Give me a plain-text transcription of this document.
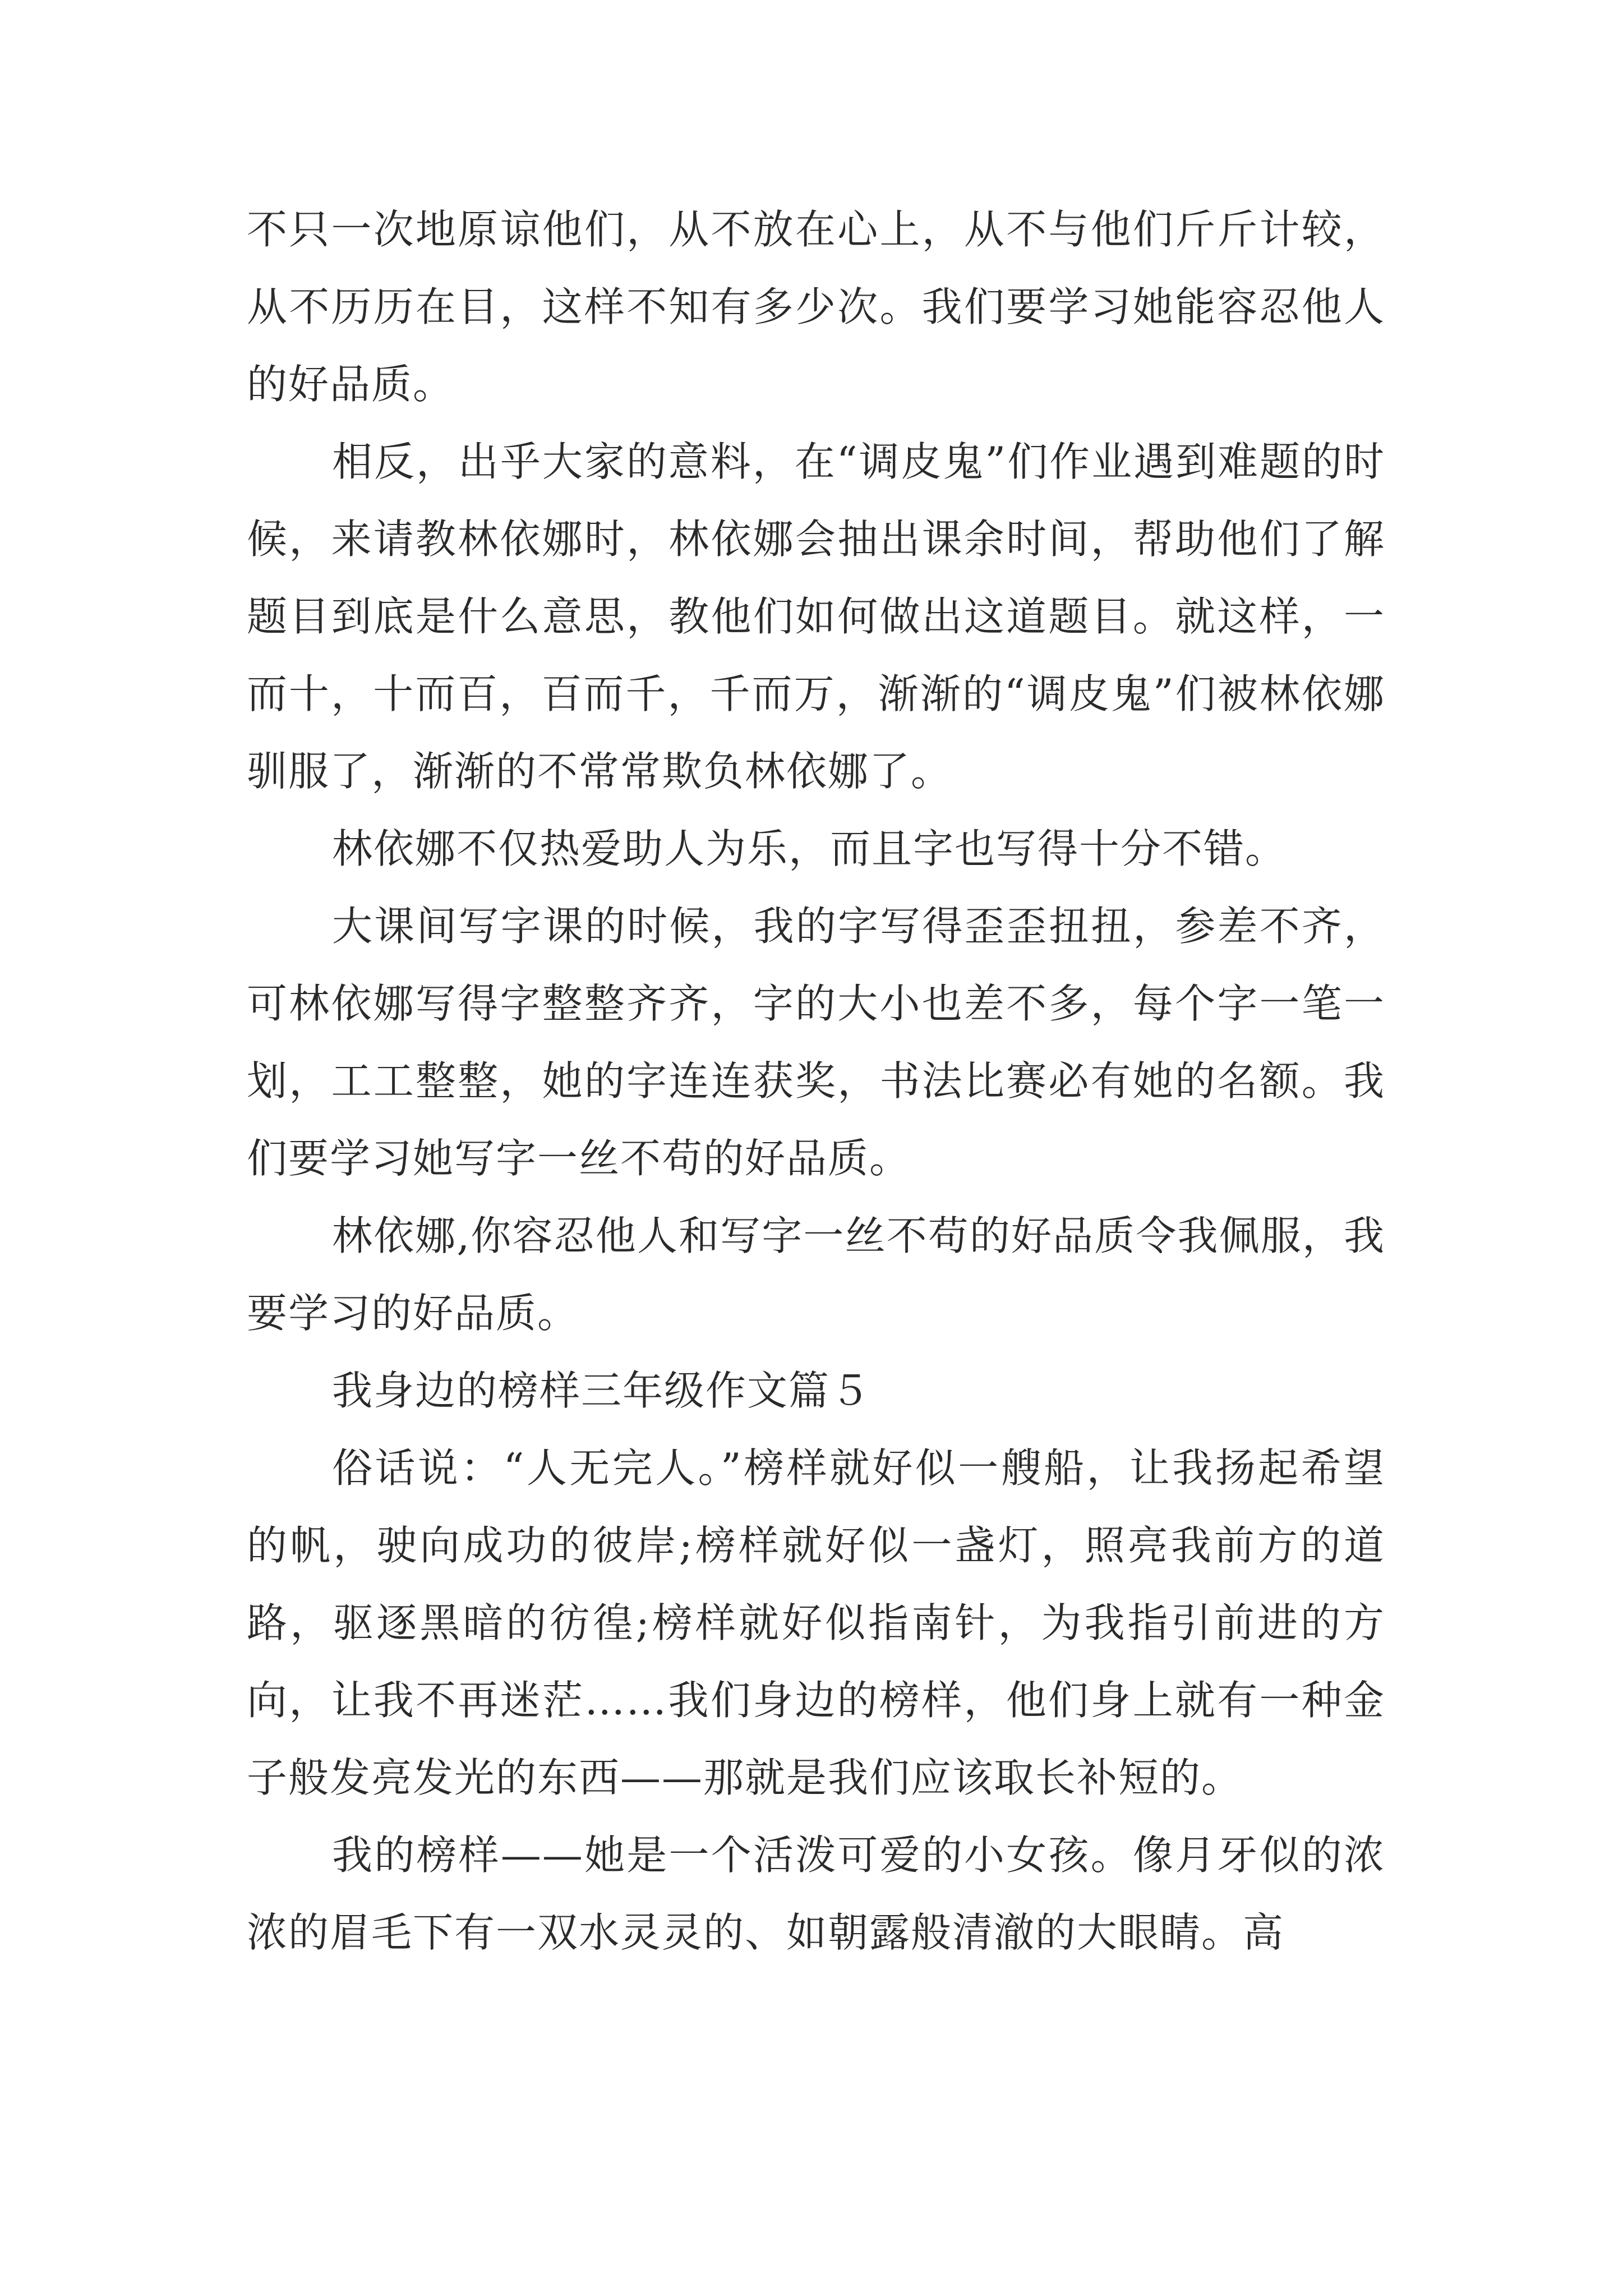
不只一次地原谅他们，从不放在心上，从不与他们斤斤计较，从不历历在目，这样不知有多少次。我们要学习她能容忍他人的好品质。

相反，出乎大家的意料，在“调皮鬼”们作业遇到难题的时候，来请教林依娜时，林依娜会抽出课余时间，帮助他们了解题目到底是什么意思，教他们如何做出这道题目。就这样，一而十，十而百，百而千，千而万，渐渐的“调皮鬼”们被林依娜驯服了，渐渐的不常常欺负林依娜了。

林依娜不仅热爱助人为乐，而且字也写得十分不错。

大课间写字课的时候，我的字写得歪歪扭扭，参差不齐，可林依娜写得字整整齐齐，字的大小也差不多，每个字一笔一划，工工整整，她的字连连获奖，书法比赛必有她的名额。我们要学习她写字一丝不苟的好品质。

林依娜,你容忍他人和写字一丝不苟的好品质令我佩服，我要学习的好品质。

我身边的榜样三年级作文篇５

俗话说：“人无完人。”榜样就好似一艘船，让我扬起希望的帆，驶向成功的彼岸;榜样就好似一盏灯，照亮我前方的道路，驱逐黑暗的彷徨;榜样就好似指南针，为我指引前进的方向，让我不再迷茫……我们身边的榜样，他们身上就有一种金子般发亮发光的东西——那就是我们应该取长补短的。

我的榜样——她是一个活泼可爱的小女孩。像月牙似的浓浓的眉毛下有一双水灵灵的、如朝露般清澈的大眼睛。高
